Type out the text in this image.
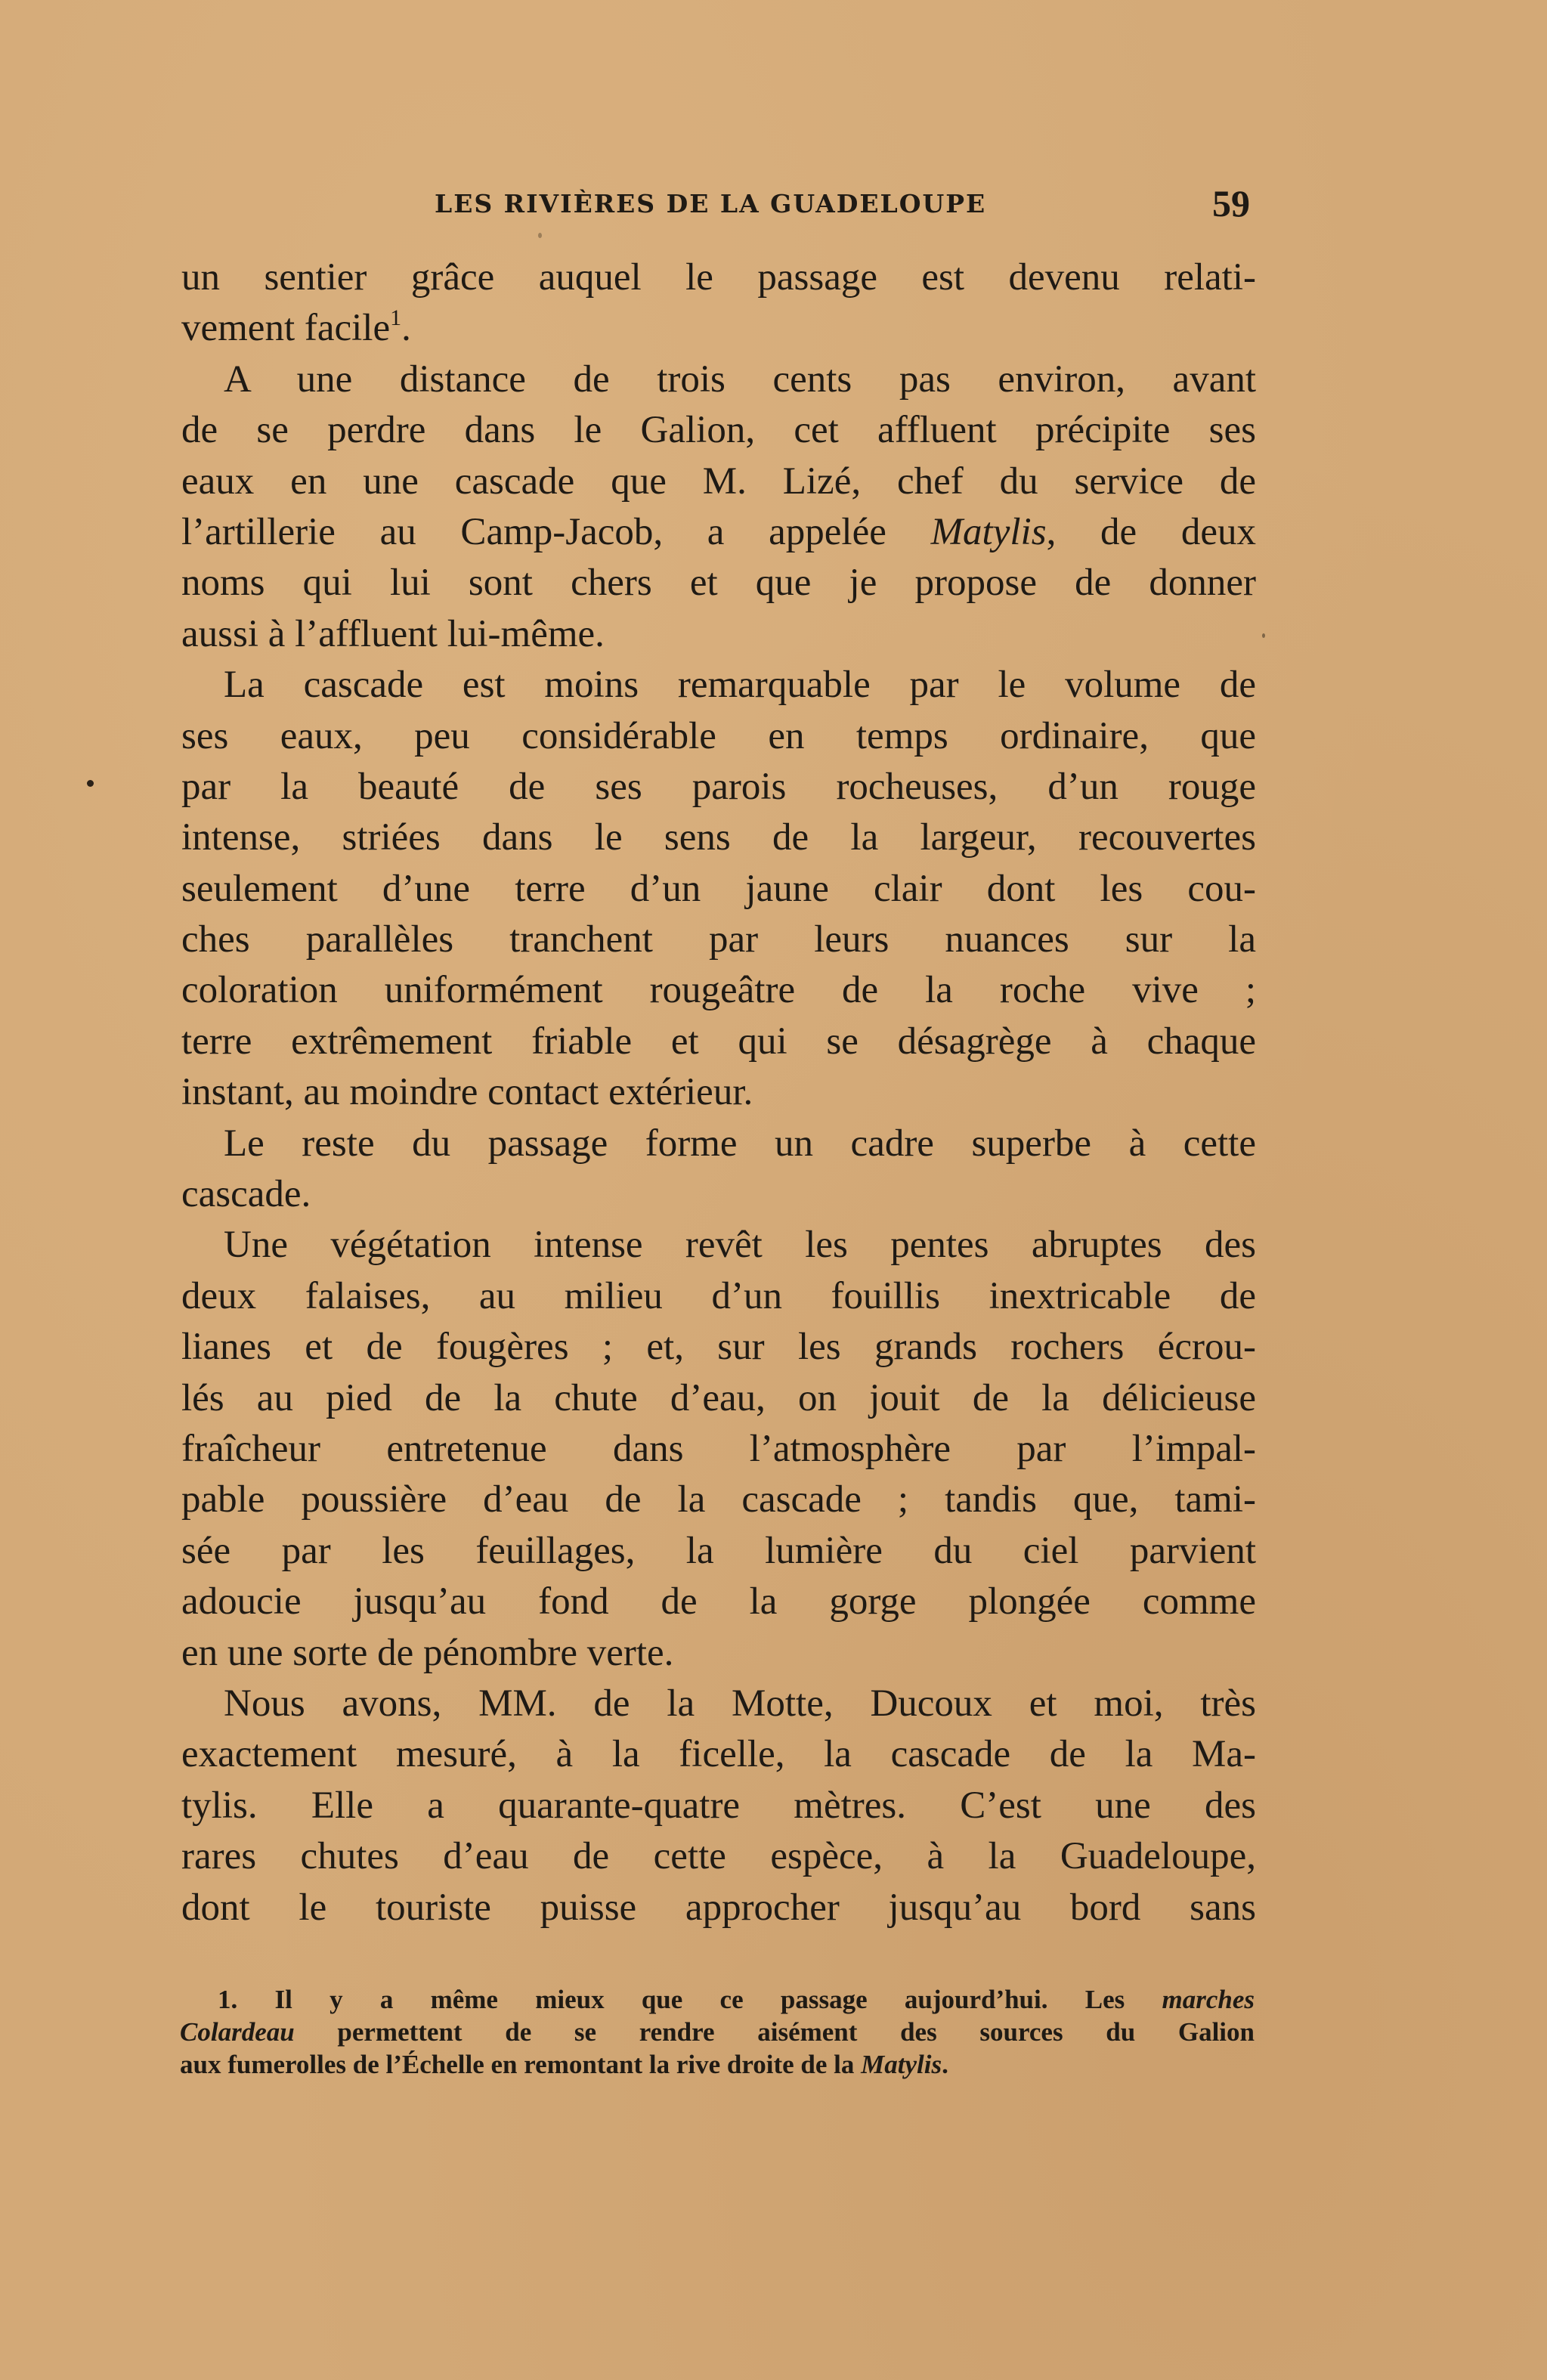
LES RIVIÈRES DE LA GUADELOUPE	59
un sentier grâce auquel le passage est devenu relati-
vement facile$^1$.
A une distance de trois cents pas environ, avant
de se perdre dans le Galion, cet affluent précipite ses
eaux en une cascade que M. Lizé, chef du service de
l’artillerie au Camp-Jacob, a appelée Matylis, de deux
noms qui lui sont chers et que je propose de donner
aussi à l’affluent lui-même.
La cascade est moins remarquable par le volume de
ses eaux, peu considérable en temps ordinaire, que
par la beauté de ses parois rocheuses, d’un rouge
intense, striées dans le sens de la largeur, recouvertes
seulement d’une terre d’un jaune clair dont les cou-
ches parallèles tranchent par leurs nuances sur la
coloration uniformément rougeâtre de la roche vive ;
terre extrêmement friable et qui se désagrège à chaque
instant, au moindre contact extérieur.
Le reste du passage forme un cadre superbe à cette
cascade.
Une végétation intense revêt les pentes abruptes des
deux falaises, au milieu d’un fouillis inextricable de
lianes et de fougères ; et, sur les grands rochers écrou-
lés au pied de la chute d’eau, on jouit de la délicieuse
fraîcheur entretenue dans l’atmosphère par l’impal-
pable poussière d’eau de la cascade ; tandis que, tami-
sée par les feuillages, la lumière du ciel parvient
adoucie jusqu’au fond de la gorge plongée comme
en une sorte de pénombre verte.
Nous avons, MM. de la Motte, Ducoux et moi, très
exactement mesuré, à la ficelle, la cascade de la Ma-
tylis. Elle a quarante-quatre mètres. C’est une des
rares chutes d’eau de cette espèce, à la Guadeloupe,
dont le touriste puisse approcher jusqu’au bord sans
1. Il y a même mieux que ce passage aujourd’hui. Les marches
Colardeau permettent de se rendre aisément des sources du Galion
aux fumerolles de l’Échelle en remontant la rive droite de la Matylis.
